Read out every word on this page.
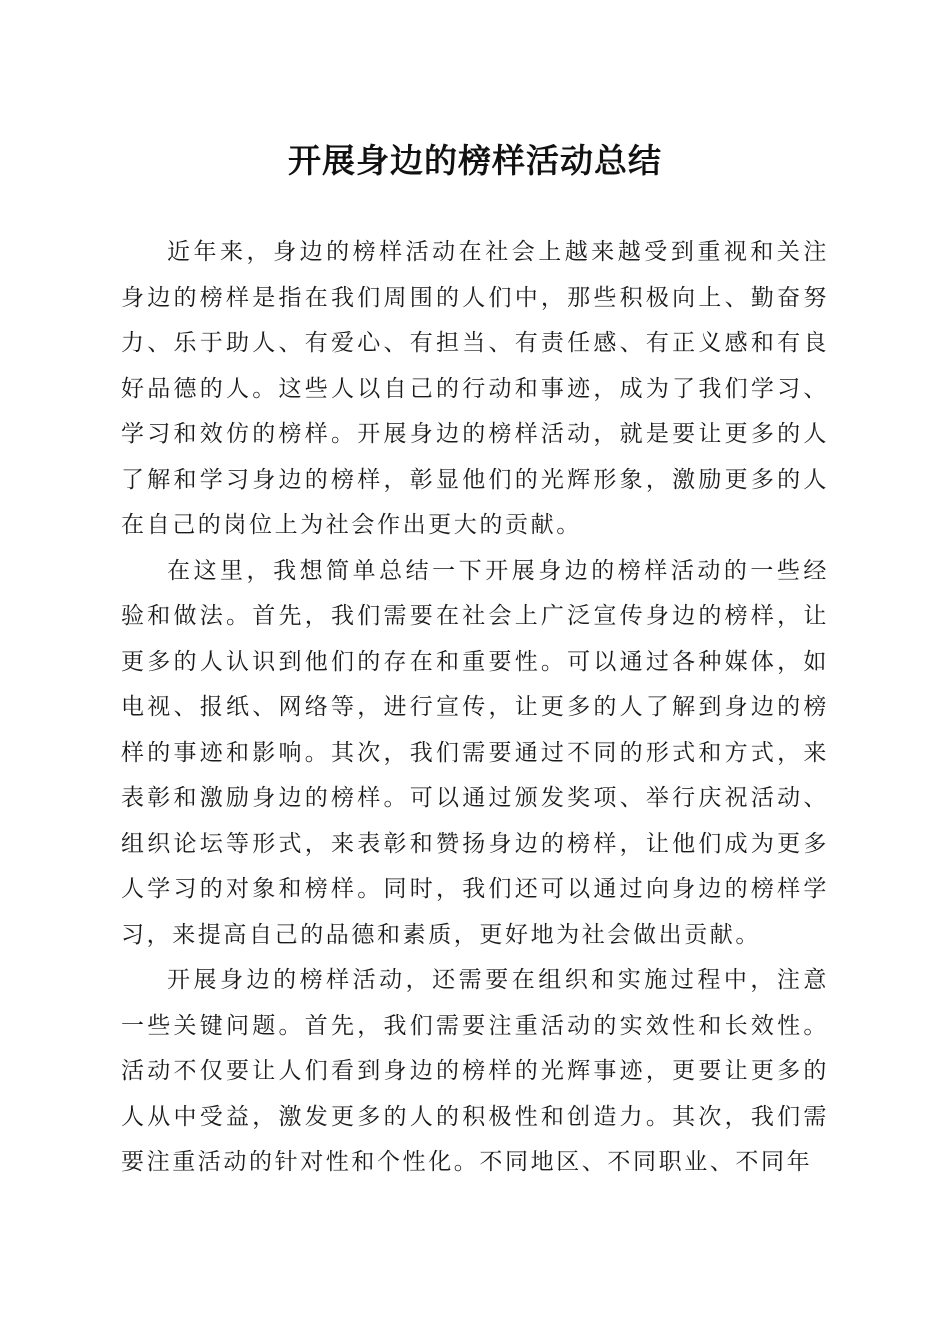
开展身边的榜样活动总结

近年来，身边的榜样活动在社会上越来越受到重视和关注身边的榜样是指在我们周围的人们中，那些积极向上、勤奋努力、乐于助人、有爱心、有担当、有责任感、有正义感和有良好品德的人。这些人以自己的行动和事迹，成为了我们学习、学习和效仿的榜样。开展身边的榜样活动，就是要让更多的人了解和学习身边的榜样，彰显他们的光辉形象，激励更多的人在自己的岗位上为社会作出更大的贡献。

在这里，我想简单总结一下开展身边的榜样活动的一些经验和做法。首先，我们需要在社会上广泛宣传身边的榜样，让更多的人认识到他们的存在和重要性。可以通过各种媒体，如电视、报纸、网络等，进行宣传，让更多的人了解到身边的榜样的事迹和影响。其次，我们需要通过不同的形式和方式，来表彰和激励身边的榜样。可以通过颁发奖项、举行庆祝活动、组织论坛等形式，来表彰和赞扬身边的榜样，让他们成为更多人学习的对象和榜样。同时，我们还可以通过向身边的榜样学习，来提高自己的品德和素质，更好地为社会做出贡献。

开展身边的榜样活动，还需要在组织和实施过程中，注意一些关键问题。首先，我们需要注重活动的实效性和长效性。活动不仅要让人们看到身边的榜样的光辉事迹，更要让更多的人从中受益，激发更多的人的积极性和创造力。其次，我们需要注重活动的针对性和个性化。不同地区、不同职业、不同年
